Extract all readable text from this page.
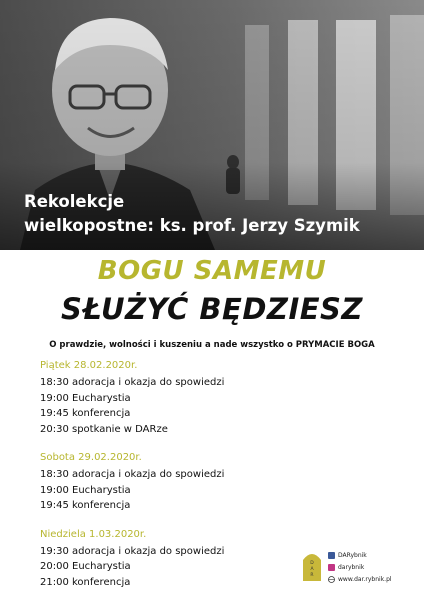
Rekolekcje
wielkopostne: ks. prof. Jerzy Szymik
BOGU SAMEMU
SŁUŻYĆ BĘDZIESZ
O prawdzie, wolności i kuszeniu a nade wszystko o PRYMACIE BOGA
Piątek 28.02.2020r.
18:30 adoracja i okazja do spowiedzi
19:00 Eucharystia
19:45 konferencja
20:30 spotkanie w DARze
Sobota 29.02.2020r.
18:30 adoracja i okazja do spowiedzi
19:00 Eucharystia
19:45 konferencja
Niedziela 1.03.2020r.
19:30 adoracja i okazja do spowiedzi
20:00 Eucharystia
21:00 konferencja
D
A
R
DARybnik
darybnik
www.dar.rybnik.pl
